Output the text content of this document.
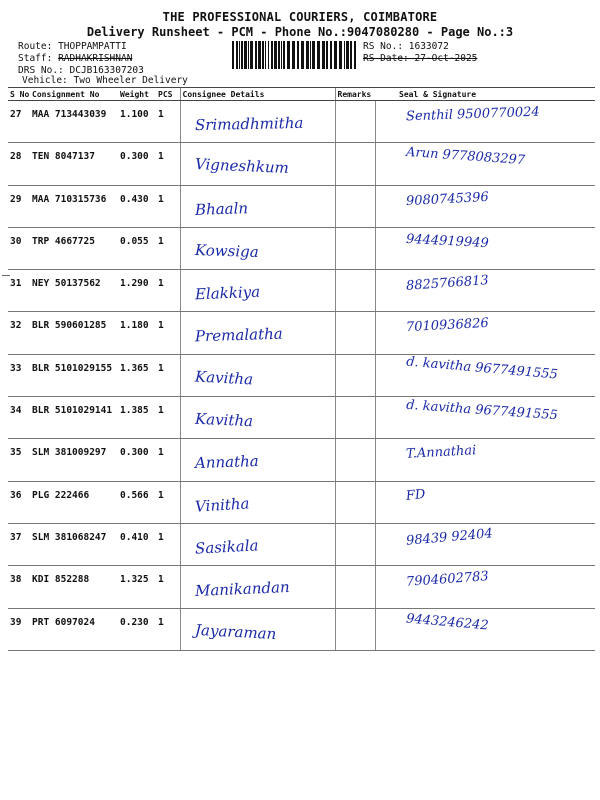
THE PROFESSIONAL COURIERS, COIMBATORE
Delivery Runsheet - PCM - Phone No.:9047080280 - Page No.:3
Route: THOPPAMPATTI
Staff: RADHAKRISHNAN
DRS No.: DCJB163307203
Vehicle: Two Wheeler Delivery
RS No.: 1633072
RS Date: 27-Oct-2025
S No	Consignment No	Weight	PCS	Consignee Details	Remarks	Seal & Signature
27	MAA 713443039	1.100	1	Srimadhmitha		Senthil 9500770024

28	TEN 8047137	0.300	1	Vigneshkum		Arun 9778083297

29	MAA 710315736	0.430	1	Bhaaln		9080745396

30	TRP 4667725	0.055	1	Kowsiga		9444919949

31	NEY 50137562	1.290	1	Elakkiya		8825766813

32	BLR 590601285	1.180	1	Premalatha		7010936826

33	BLR 5101029155	1.365	1	Kavitha		d. kavitha 9677491555

34	BLR 5101029141	1.385	1	Kavitha		d. kavitha 9677491555

35	SLM 381009297	0.300	1	Annatha		T.Annathai

36	PLG 222466	0.566	1	Vinitha		FD

37	SLM 381068247	0.410	1	Sasikala		98439 92404

38	KDI 852288	1.325	1	Manikandan		7904602783

39	PRT 6097024	0.230	1	Jayaraman		9443246242
